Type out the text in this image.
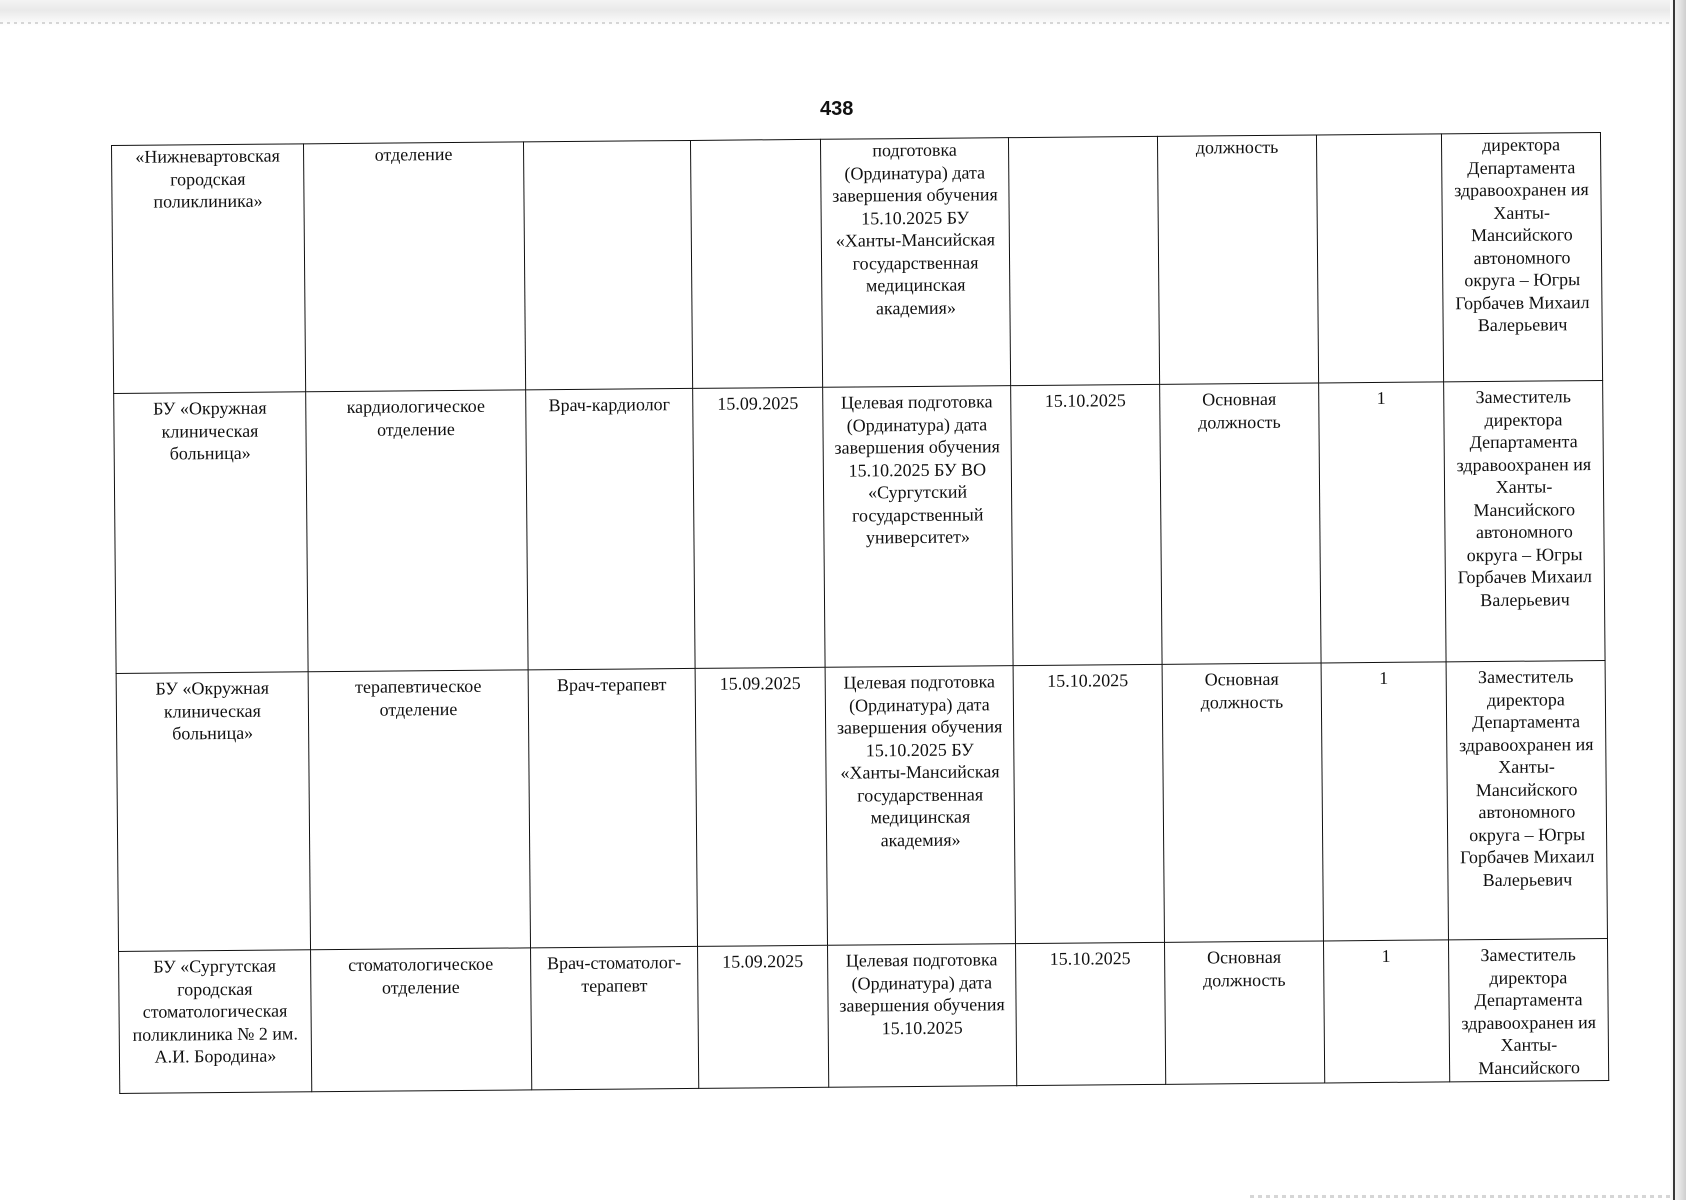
438
«Нижневартовская городская поликлиника»	отделение			подготовка (Ординатура) дата завершения обучения 15.10.2025 БУ «Ханты-Мансийская государственная медицинская академия»		должность		директора Департамента здравоохранен ия Ханты-Мансийского автономного округа – Югры Горбачев Михаил Валерьевич
БУ «Окружная клиническая больница»	кардиологическое отделение	Врач-кардиолог	15.09.2025	Целевая подготовка (Ординатура) дата завершения обучения 15.10.2025 БУ ВО «Сургутский государственный университет»	15.10.2025	Основная должность	1	Заместитель директора Департамента здравоохранен ия Ханты-Мансийского автономного округа – Югры Горбачев Михаил Валерьевич
БУ «Окружная клиническая больница»	терапевтическое отделение	Врач-терапевт	15.09.2025	Целевая подготовка (Ординатура) дата завершения обучения 15.10.2025 БУ «Ханты-Мансийская государственная медицинская академия»	15.10.2025	Основная должность	1	Заместитель директора Департамента здравоохранен ия Ханты-Мансийского автономного округа – Югры Горбачев Михаил Валерьевич
БУ «Сургутская городская стоматологическая поликлиника № 2 им. А.И. Бородина»	стоматологическое отделение	Врач-стоматолог-терапевт	15.09.2025	Целевая подготовка (Ординатура) дата завершения обучения 15.10.2025	15.10.2025	Основная должность	1	Заместитель директора Департамента здравоохранен ия Ханты-Мансийского
